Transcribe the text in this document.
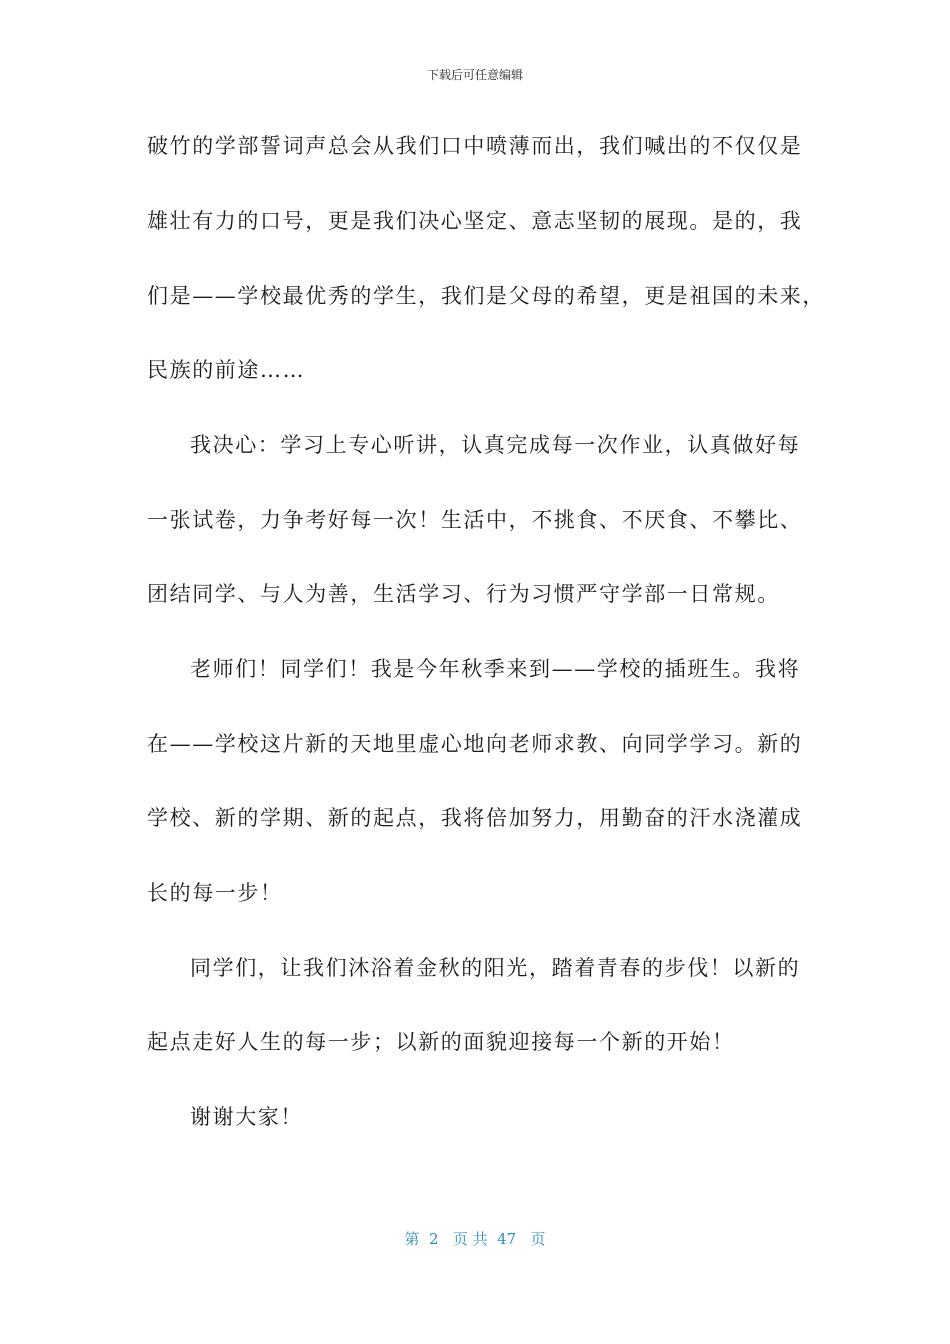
下载后可任意编辑
破竹的学部誓词声总会从我们口中喷薄而出，我们喊出的不仅仅是
雄壮有力的口号，更是我们决心坚定、意志坚韧的展现。是的，我
们是——学校最优秀的学生，我们是父母的希望，更是祖国的未来，
民族的前途……
我决心：学习上专心听讲，认真完成每一次作业，认真做好每
一张试卷，力争考好每一次！生活中，不挑食、不厌食、不攀比、
团结同学、与人为善，生活学习、行为习惯严守学部一日常规。
老师们！同学们！我是今年秋季来到——学校的插班生。我将
在——学校这片新的天地里虚心地向老师求教、向同学学习。新的
学校、新的学期、新的起点，我将倍加努力，用勤奋的汗水浇灌成
长的每一步！
同学们，让我们沐浴着金秋的阳光，踏着青春的步伐！以新的
起点走好人生的每一步；以新的面貌迎接每一个新的开始！
谢谢大家！
第  2   页 共  47   页
